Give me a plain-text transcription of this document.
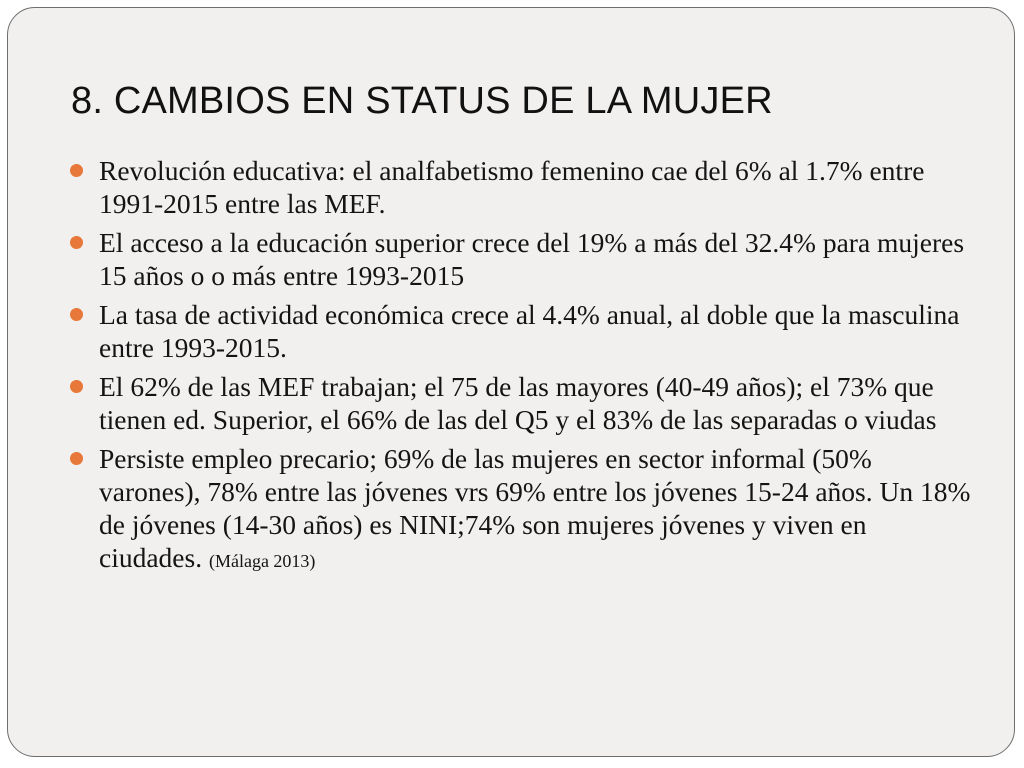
8. CAMBIOS EN STATUS DE LA MUJER
Revolución educativa: el analfabetismo femenino cae del 6% al 1.7% entre 1991-2015 entre las MEF.
El acceso a la educación superior crece del 19% a más del 32.4% para mujeres 15 años o o más entre 1993-2015
La tasa de actividad económica crece al 4.4% anual, al doble que la masculina entre 1993-2015.
El 62% de las MEF trabajan; el 75 de las mayores (40-49 años); el 73% que tienen ed. Superior, el 66% de las del Q5 y el 83% de las separadas o viudas
Persiste empleo precario; 69% de las mujeres en sector informal (50% varones), 78% entre las jóvenes vrs 69% entre los jóvenes 15-24 años. Un 18% de jóvenes (14-30 años) es NINI;74% son mujeres jóvenes y viven en ciudades. (Málaga 2013)
